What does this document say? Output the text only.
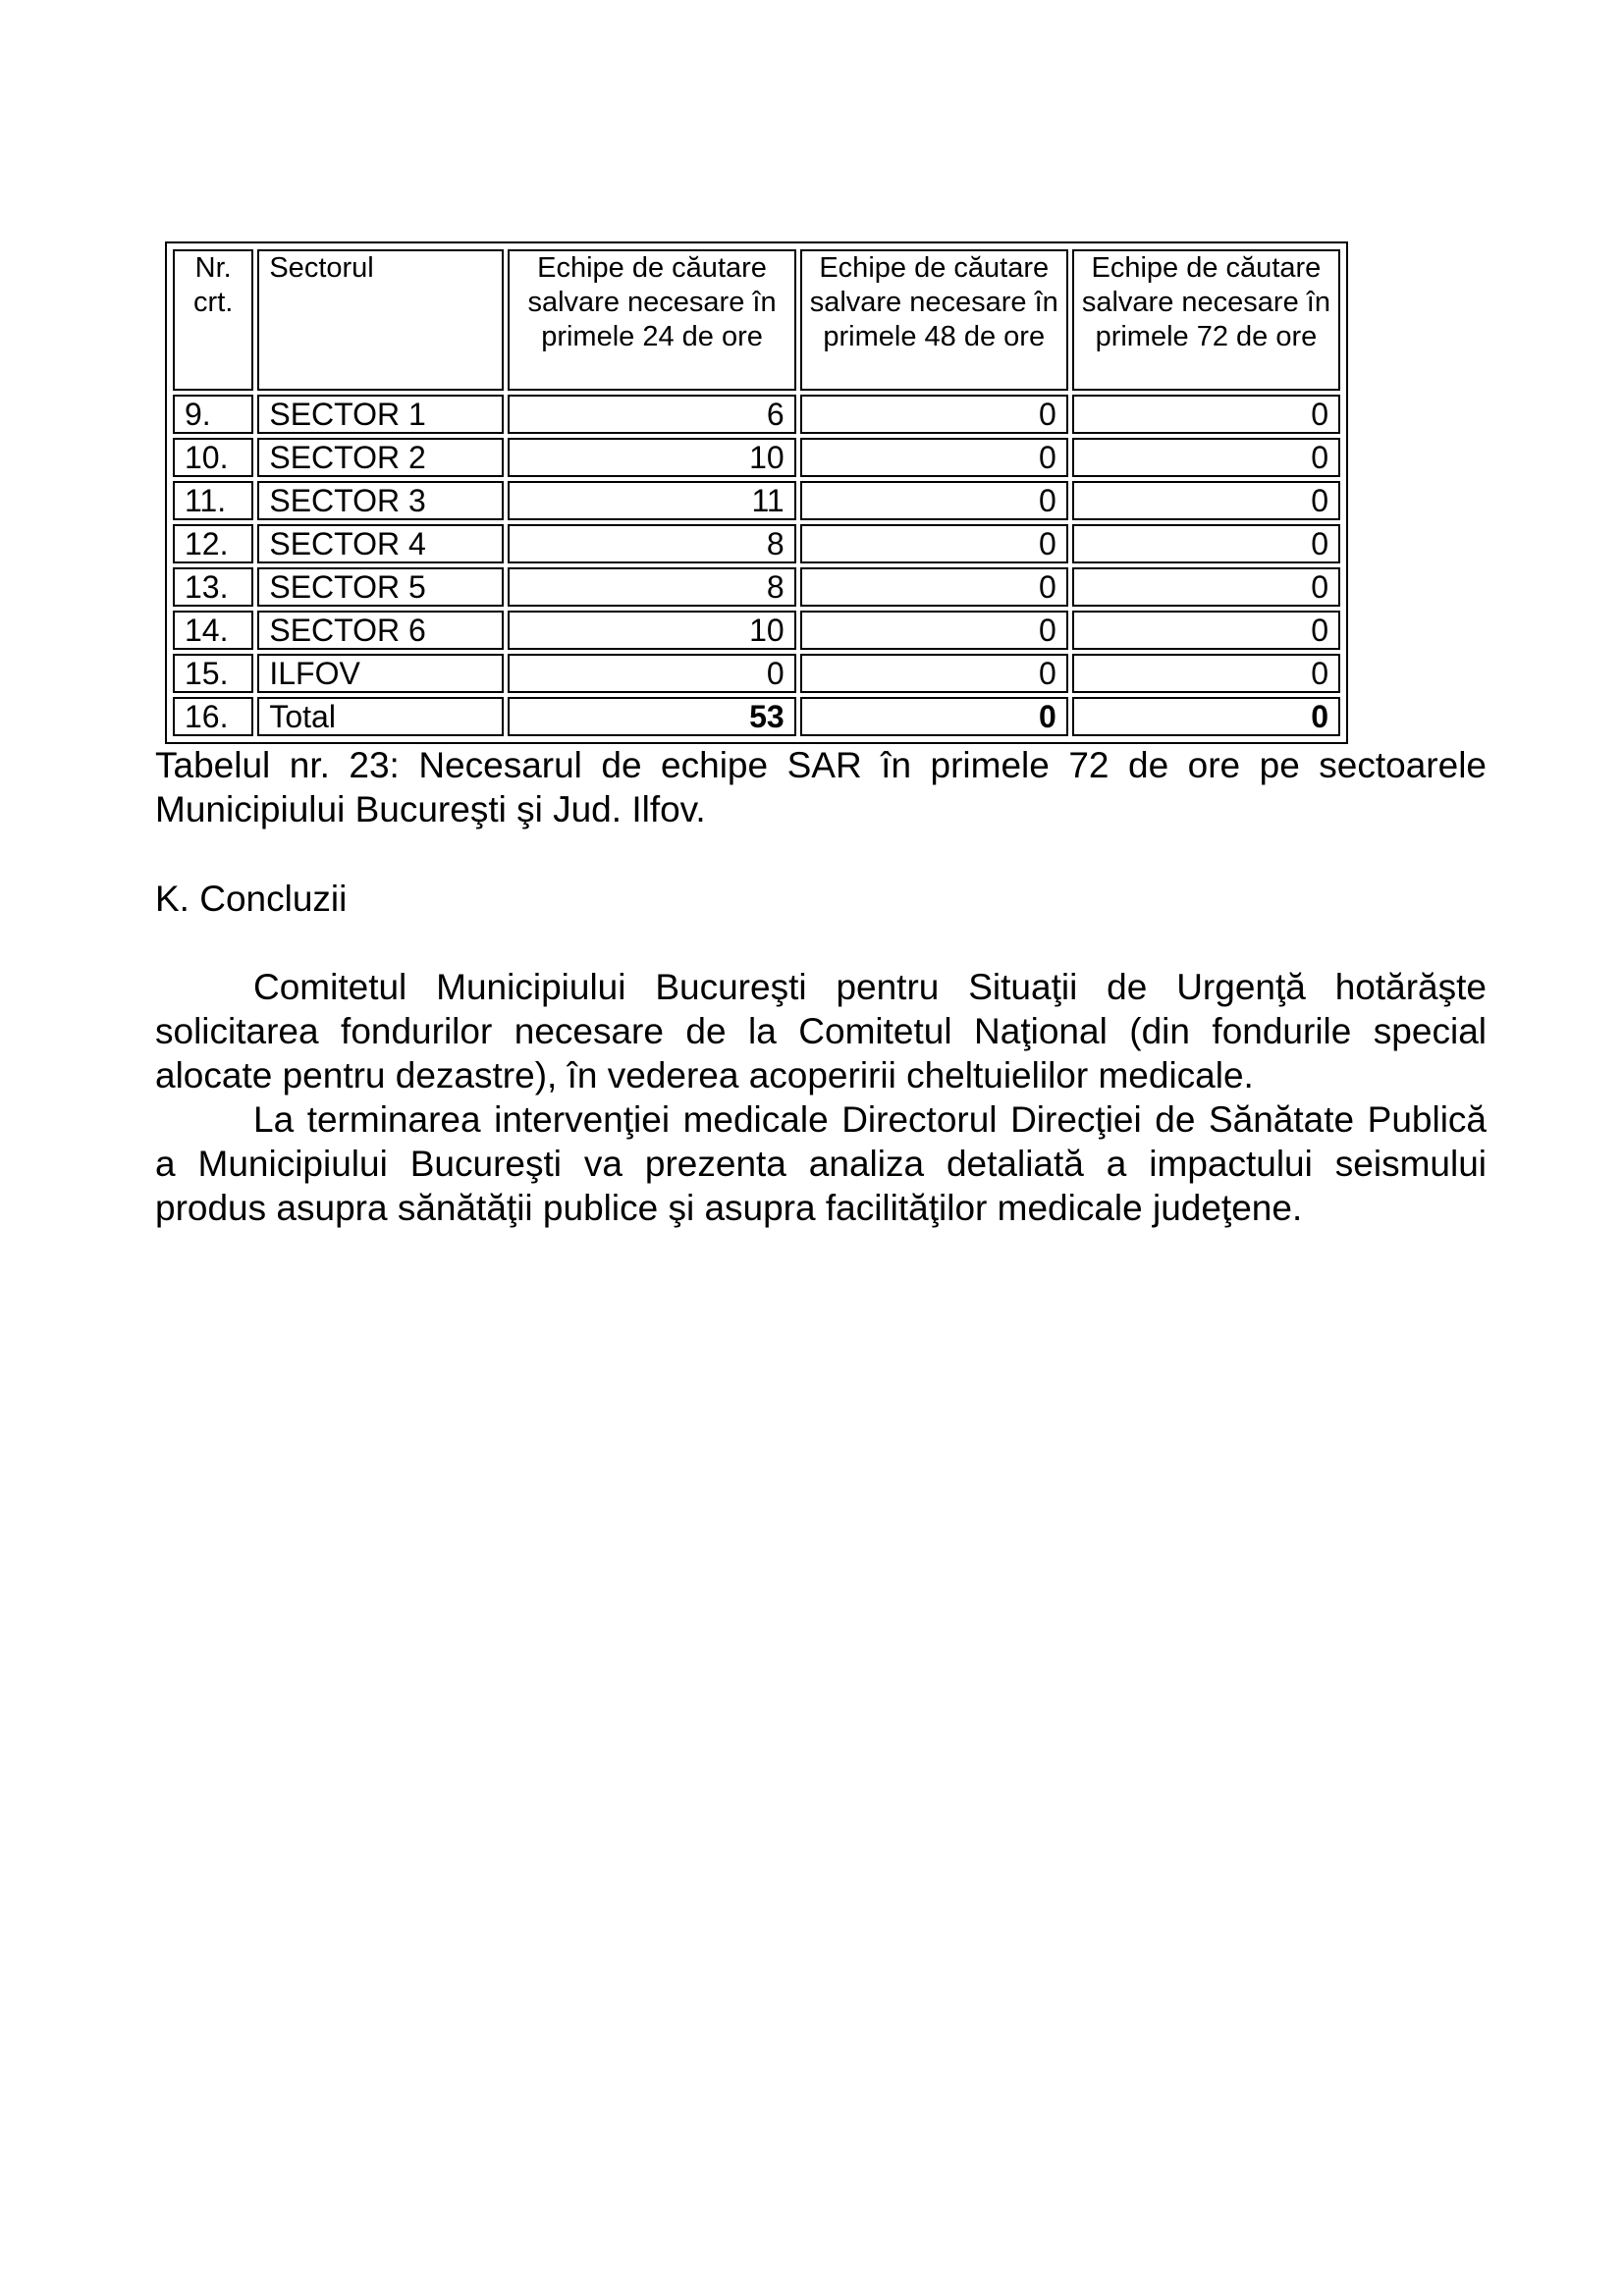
Nr. crt.	Sectorul	Echipe de căutare salvare necesare în primele 24 de ore	Echipe de căutare salvare necesare în primele 48 de ore	Echipe de căutare salvare necesare în primele 72 de ore
9.	SECTOR 1	6	0	0
10.	SECTOR 2	10	0	0
11.	SECTOR 3	11	0	0
12.	SECTOR 4	8	0	0
13.	SECTOR 5	8	0	0
14.	SECTOR 6	10	0	0
15.	ILFOV	0	0	0
16.	Total	53	0	0
Tabelul nr. 23: Necesarul de echipe SAR în primele 72 de ore pe sectoarele Municipiului Bucureşti şi Jud. Ilfov.
K. Concluzii

Comitetul Municipiului Bucureşti pentru Situaţii de Urgenţă hotărăşte solicitarea fondurilor necesare de la Comitetul Naţional (din fondurile special alocate pentru dezastre), în vederea acoperirii cheltuielilor medicale.

La terminarea intervenţiei medicale Directorul Direcţiei de Sănătate Publică a Municipiului Bucureşti va prezenta analiza detaliată a impactului seismului produs asupra sănătăţii publice şi asupra facilităţilor medicale judeţene.
